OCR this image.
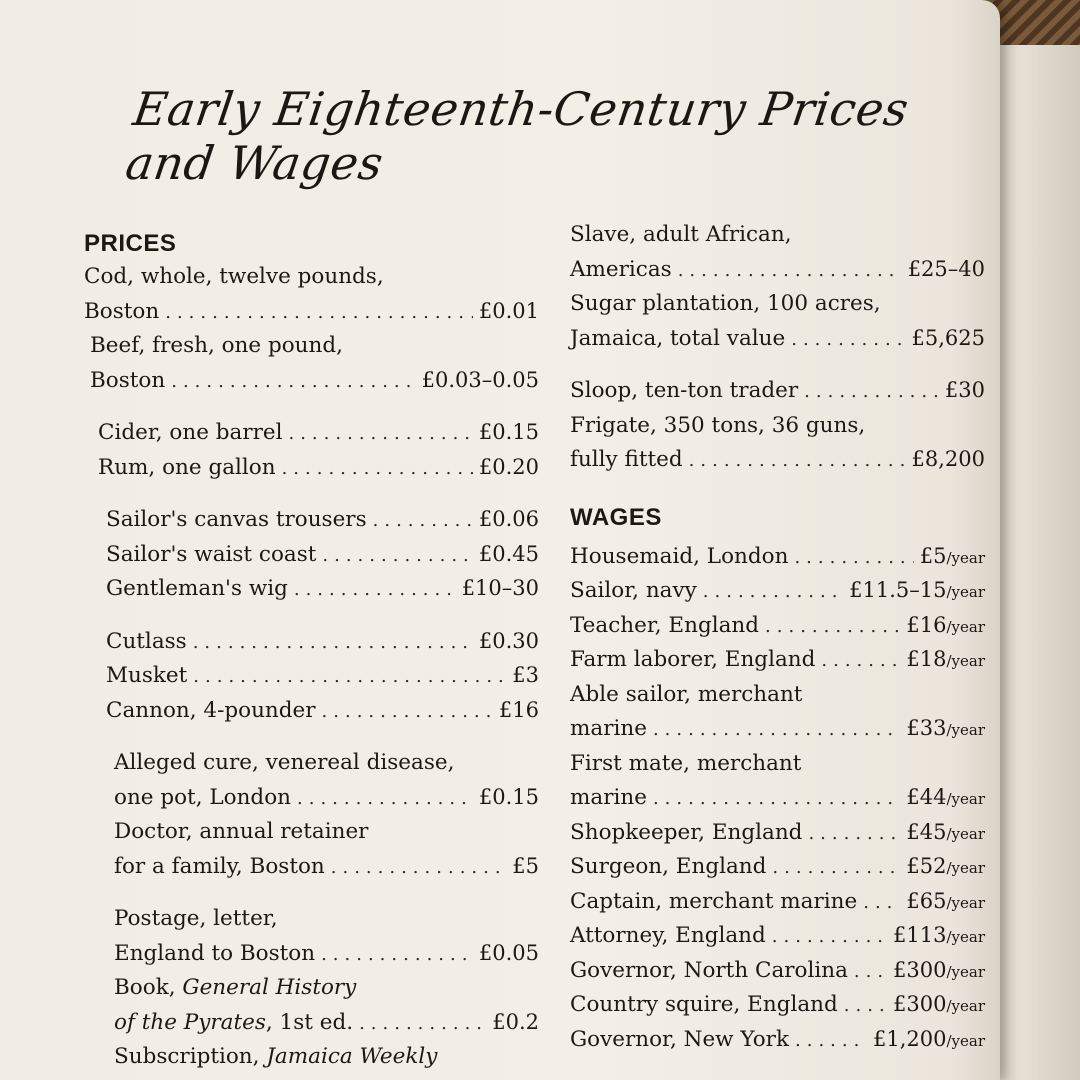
Early Eighteenth-Century Prices and Wages
PRICES
Cod, whole, twelve pounds,
Boston .....	£0.01
Beef, fresh, one pound,
Boston .....	£0.03–0.05
Cider, one barrel .....	£0.15
Rum, one gallon .....	£0.20
Sailor's canvas trousers .....	£0.06
Sailor's waist coast .....	£0.45
Gentleman's wig .....	£10–30
Cutlass .....	£0.30
Musket .....	£3
Cannon, 4-pounder .....	£16
Alleged cure, venereal disease,
one pot, London .....	£0.15
Doctor, annual retainer
for a family, Boston .....	£5
Postage, letter,
England to Boston .....	£0.05
Book, General History
of the Pyrates, 1st ed. .....	£0.2
Subscription, Jamaica Weekly
Slave, adult African,
Americas .....	£25–40
Sugar plantation, 100 acres,
Jamaica, total value .....	£5,625
Sloop, ten-ton trader .....	£30
Frigate, 350 tons, 36 guns,
fully fitted .....	£8,200
WAGES
Housemaid, London .....	£5/year
Sailor, navy .....	£11.5–15/year
Teacher, England .....	£16/year
Farm laborer, England .....	£18/year
Able sailor, merchant
marine .....	£33/year
First mate, merchant
marine .....	£44/year
Shopkeeper, England .....	£45/year
Surgeon, England .....	£52/year
Captain, merchant marine ..... £65/year
Attorney, England .....	£113/year
Governor, North Carolina ..... £300/year
Country squire, England .....	£300/year
Governor, New York .....	£1,200/year
